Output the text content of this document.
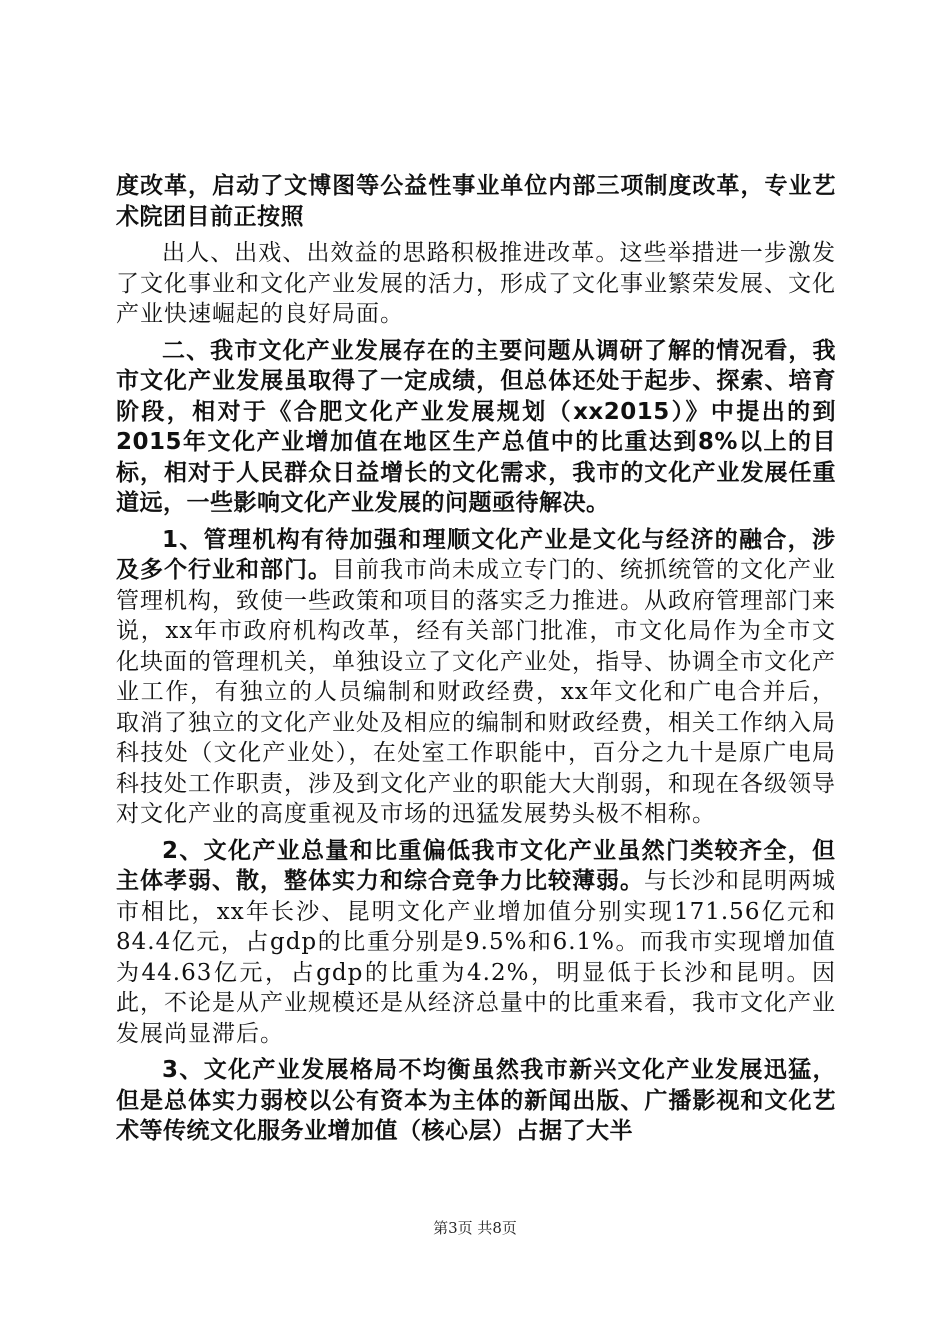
度改革，启动了文博图等公益性事业单位内部三项制度改革，专业艺术院团目前正按照

出人、出戏、出效益的思路积极推进改革。这些举措进一步激发了文化事业和文化产业发展的活力，形成了文化事业繁荣发展、文化产业快速崛起的良好局面。

二、我市文化产业发展存在的主要问题从调研了解的情况看，我市文化产业发展虽取得了一定成绩，但总体还处于起步、探索、培育阶段，相对于《合肥文化产业发展规划（xx2015）》中提出的到2015年文化产业增加值在地区生产总值中的比重达到8%以上的目标，相对于人民群众日益增长的文化需求，我市的文化产业发展任重道远，一些影响文化产业发展的问题亟待解决。

1、管理机构有待加强和理顺文化产业是文化与经济的融合，涉及多个行业和部门。目前我市尚未成立专门的、统抓统管的文化产业管理机构，致使一些政策和项目的落实乏力推进。从政府管理部门来说，xx年市政府机构改革，经有关部门批准，市文化局作为全市文化块面的管理机关，单独设立了文化产业处，指导、协调全市文化产业工作，有独立的人员编制和财政经费，xx年文化和广电合并后，取消了独立的文化产业处及相应的编制和财政经费，相关工作纳入局科技处（文化产业处），在处室工作职能中，百分之九十是原广电局科技处工作职责，涉及到文化产业的职能大大削弱，和现在各级领导对文化产业的高度重视及市场的迅猛发展势头极不相称。

2、文化产业总量和比重偏低我市文化产业虽然门类较齐全，但主体孝弱、散，整体实力和综合竞争力比较薄弱。与长沙和昆明两城市相比，xx年长沙、昆明文化产业增加值分别实现171.56亿元和84.4亿元，占gdp的比重分别是9.5%和6.1%。而我市实现增加值为44.63亿元，占gdp的比重为4.2%，明显低于长沙和昆明。因此，不论是从产业规模还是从经济总量中的比重来看，我市文化产业发展尚显滞后。

3、文化产业发展格局不均衡虽然我市新兴文化产业发展迅猛，但是总体实力弱校以公有资本为主体的新闻出版、广播影视和文化艺术等传统文化服务业增加值（核心层）占据了大半

第3页 共8页
